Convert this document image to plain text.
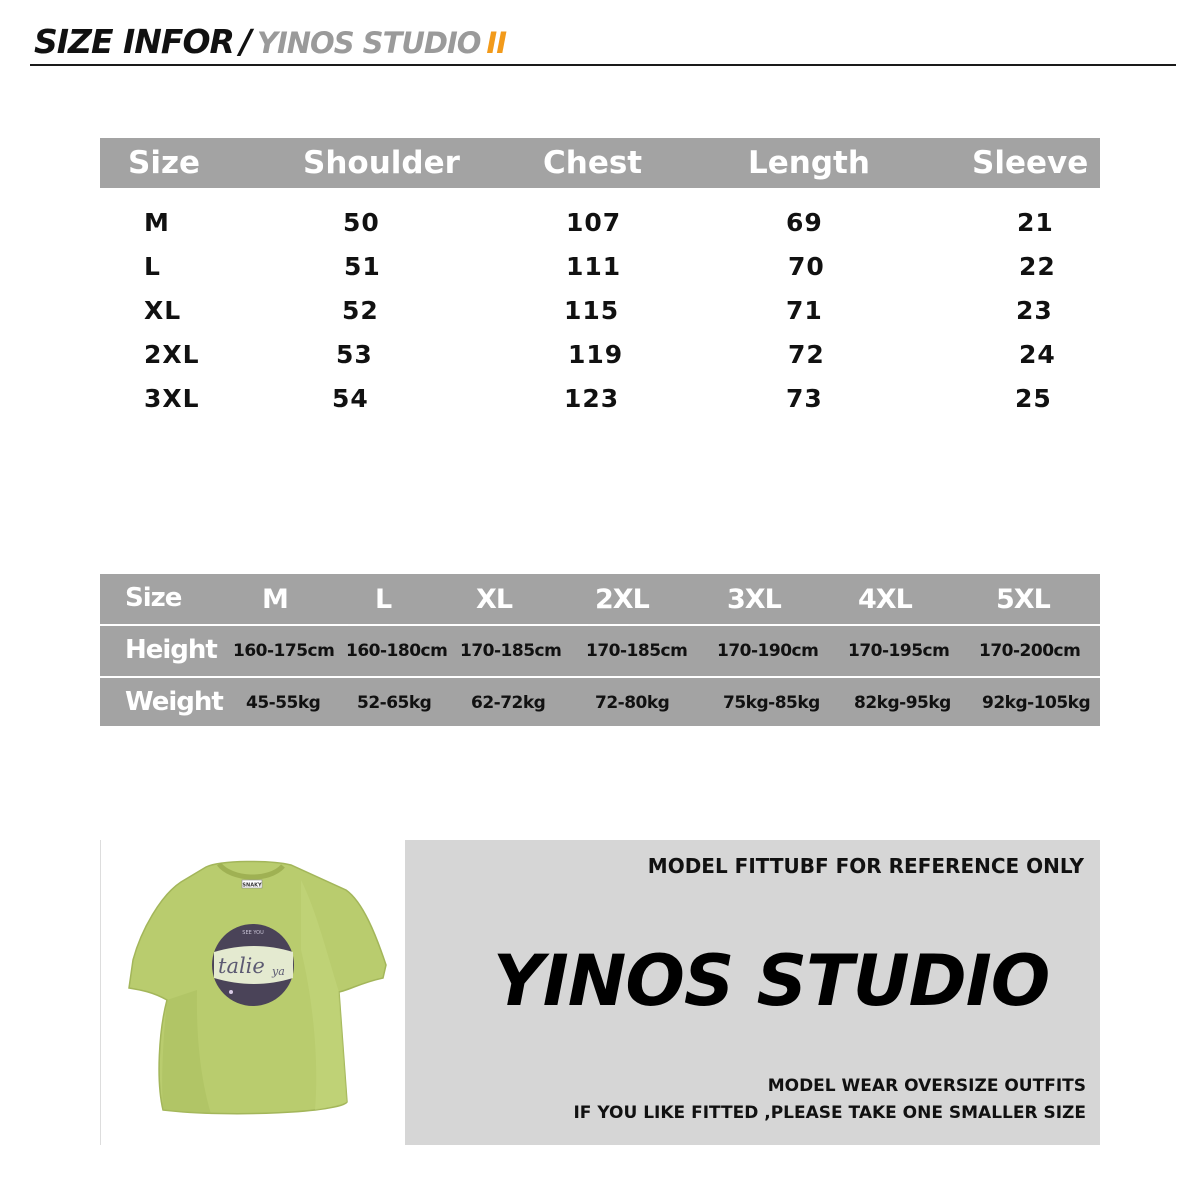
SIZE INFOR / YINOS STUDIO II
Size	Shoulder	Chest	Length	Sleeve
M	50	107	69	21
L	51	111	70	22
XL	52	115	71	23
2XL	53	119	72	24
3XL	54	123	73	25
Size	M	L	XL	2XL	3XL	4XL	5XL
Height 160-175cm 160-180cm 170-185cm 170-185cm 170-190cm 170-195cm 170-200cm
Weight 45-55kg 52-65kg 62-72kg	72-80kg	75kg-85kg 82kg-95kg 92kg-105kg
SNAKY
SEE YOU
talie ya
MODEL FITTUBF FOR REFERENCE ONLY
YINOS STUDIO
MODEL WEAR OVERSIZE OUTFITS
IF YOU LIKE FITTED ,PLEASE TAKE ONE SMALLER SIZE
